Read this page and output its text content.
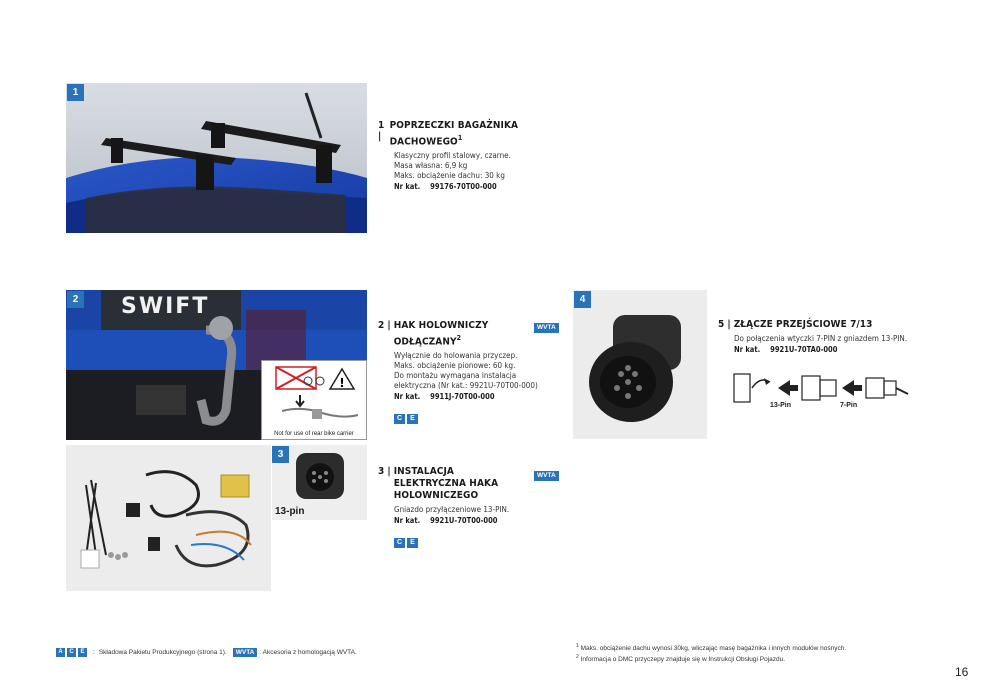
1
1 |
POPRZECZKI BAGAŻNIKA DACHOWEGO$^1$
Klasyczny profil stalowy, czarne.
Masa własna: 6,9 kg
Maks. obciążenie dachu: 30 kg
Nr kat. 99176-70T00-000
SWIFT
!
Not for use of rear bike carrier
2
2 | HAK HOLOWNICZY ODŁĄCZANY$^2$
Wyłącznie do holowania przyczep.
Maks. obciążenie pionowe: 60 kg.
Do montażu wymagana instalacja
elektryczna (Nr kat.: 9921U-70T00-000)
Nr kat. 9911J-70T00-000
C E
WVTA
13-pin
3
3 | INSTALACJA ELEKTRYCZNA HAKA HOLOWNICZEGO
Gniazdo przyłączeniowe 13-PIN.
Nr kat. 9921U-70T00-000
C E
WVTA
4
5 | ZŁĄCZE PRZEJŚCIOWE 7/13
Do połączenia wtyczki 7-PIN z gniazdem 13-PIN.
Nr kat. 9921U-70TA0-000
13-Pin	7-Pin
A	C	E	: Składowa Pakietu Produkcyjnego (strona 1).	WVTA : Akcesoria z homologacją WVTA.
$^1$ Maks. obciążenie dachu wynosi 30kg, wliczając masę bagażnika i innych modułów nośnych.
$^2$ Informacja o DMC przyczepy znajduje się w Instrukcji Obsługi Pojazdu.
16
